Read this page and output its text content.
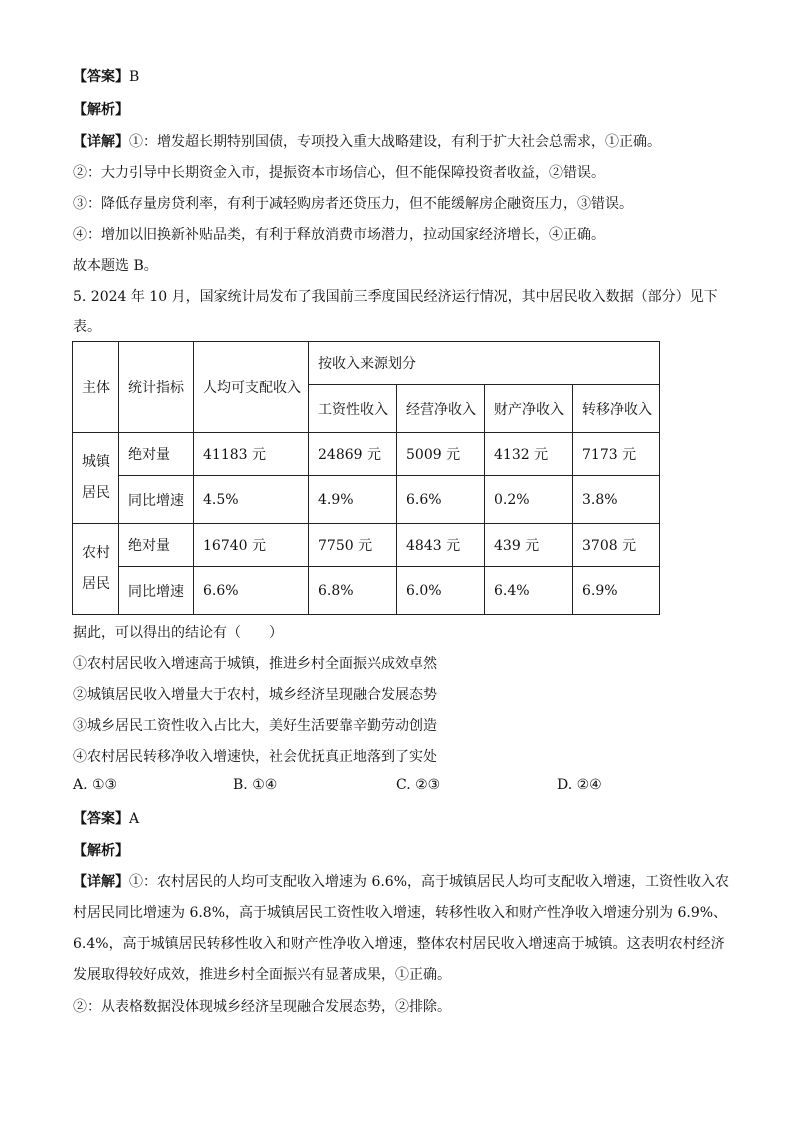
【答案】B
【解析】
【详解】①：增发超长期特别国债，专项投入重大战略建设，有利于扩大社会总需求，①正确。
②：大力引导中长期资金入市，提振资本市场信心，但不能保障投资者收益，②错误。
③：降低存量房贷利率，有利于减轻购房者还贷压力，但不能缓解房企融资压力，③错误。
④：增加以旧换新补贴品类，有利于释放消费市场潜力，拉动国家经济增长，④正确。
故本题选 B。
5. 2024 年 10 月，国家统计局发布了我国前三季度国民经济运行情况，其中居民收入数据（部分）见下
表。
主体	统计指标	人均可支配收入	按收入来源划分			
			工资性收入	经营净收入	财产净收入	转移净收入
城镇
居民	绝对量	41183 元	24869 元	5009 元	4132 元	7173 元
	同比增速	4.5%	4.9%	6.6%	0.2%	3.8%
农村
居民	绝对量	16740 元	7750 元	4843 元	439 元	3708 元
	同比增速	6.6%	6.8%	6.0%	6.4%	6.9%
据此，可以得出的结论有（　　）
①农村居民收入增速高于城镇，推进乡村全面振兴成效卓然
②城镇居民收入增量大于农村，城乡经济呈现融合发展态势
③城乡居民工资性收入占比大，美好生活要靠辛勤劳动创造
④农村居民转移净收入增速快，社会优抚真正地落到了实处
A. ①③	B. ①④	C. ②③	D. ②④
【答案】A
【解析】
【详解】①：农村居民的人均可支配收入增速为 6.6%，高于城镇居民人均可支配收入增速，工资性收入农
村居民同比增速为 6.8%，高于城镇居民工资性收入增速，转移性收入和财产性净收入增速分别为 6.9%、
6.4%，高于城镇居民转移性收入和财产性净收入增速，整体农村居民收入增速高于城镇。这表明农村经济
发展取得较好成效，推进乡村全面振兴有显著成果，①正确。
②：从表格数据没体现城乡经济呈现融合发展态势，②排除。
